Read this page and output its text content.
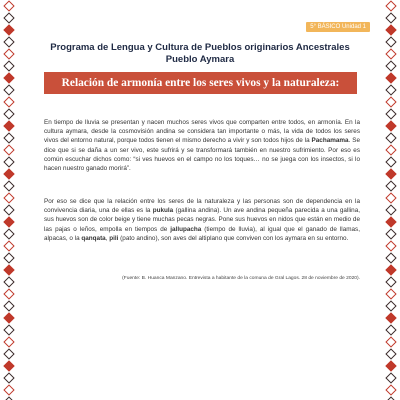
5° BÁSICO Unidad 1
Programa de Lengua y Cultura de Pueblos originarios Ancestrales
Pueblo Aymara
Relación de armonía entre los seres vivos y la naturaleza:
En tiempo de lluvia se presentan y nacen muchos seres vivos que comparten entre todos, en armonía. En la cultura aymara, desde la cosmovisión andina se considera tan importante o más, la vida de todos los seres vivos del entorno natural, porque todos tienen el mismo derecho a vivir y son todos hijos de la Pachamama. Se dice que si se daña a un ser vivo, este sufrirá y se transformará también en nuestro sufrimiento. Por eso es común escuchar dichos como: “si ves huevos en el campo no los toques… no se juega con los insectos, si lo hacen nuestro ganado morirá”.
Por eso se dice que la relación entre los seres de la naturaleza y las personas son de dependencia en la convivencia diaria, una de ellas es la pukula (gallina andina). Un ave andina pequeña parecida a una gallina, sus huevos son de color beige y tiene muchas pecas negras. Pone sus huevos en nidos que están en medio de las pajas o leños, empolla en tiempos de jallupacha (tiempo de lluvia), al igual que el ganado de llamas, alpacas, o la qanqata, pili (pato andino), son aves del altiplano que conviven con los aymara en su entorno.
(Fuente: B. Huanca Manzano. Entrevista a habitante de la comuna de Gral Lagos. 28 de noviembre de 2020).
